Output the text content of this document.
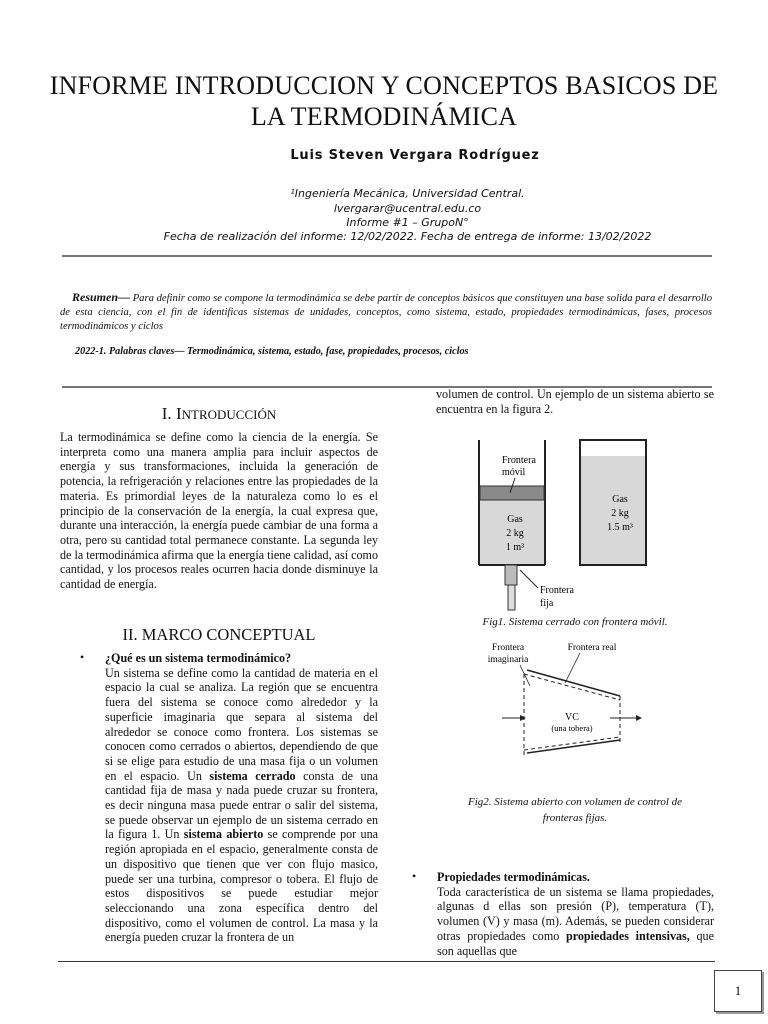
INFORME INTRODUCCION Y CONCEPTOS BASICOS DE
LA TERMODINÁMICA
Luis Steven Vergara Rodríguez
¹Ingeniería Mecánica, Universidad Central.
lvergarar@ucentral.edu.co
Informe #1 – GrupoN°
Fecha de realización del informe: 12/02/2022. Fecha de entrega de informe: 13/02/2022
Resumen— Para definir como se compone la termodinámica se debe partir de conceptos básicos que constituyen una base solida para el desarrollo de esta ciencia, con el fin de identificas sistemas de unidades, conceptos, como sistema, estado, propiedades termodinámicas, fases, procesos termodinámicos y ciclos
2022-1. Palabras claves— Termodinámica, sistema, estado, fase, propiedades, procesos, ciclos
I. INTRODUCCIÓN
La termodinámica se define como la ciencia de la energía. Se interpreta como una manera amplia para incluir aspectos de energía y sus transformaciones, incluida la generación de potencia, la refrigeración y relaciones entre las propiedades de la materia. Es primordial leyes de la naturaleza como lo es el principio de la conservación de la energía, la cual expresa que, durante una interacción, la energía puede cambiar de una forma a otra, pero su cantidad total permanece constante. La segunda ley de la termodinámica afirma que la energía tiene calidad, así como cantidad, y los procesos reales ocurren hacia donde disminuye la cantidad de energía.
II. MARCO CONCEPTUAL
• ¿Qué es un sistema termodinámico?
Un sistema se define como la cantidad de materia en el espacio la cual se analiza. La región que se encuentra fuera del sistema se conoce como alrededor y la superficie imaginaria que separa al sistema del alrededor se conoce como frontera. Los sistemas se conocen como cerrados o abiertos, dependiendo de que si se elige para estudio de una masa fija o un volumen en el espacio. Un sistema cerrado consta de una cantidad fija de masa y nada puede cruzar su frontera, es decir ninguna masa puede entrar o salir del sistema, se puede observar un ejemplo de un sistema cerrado en la figura 1. Un sistema abierto se comprende por una región apropiada en el espacio, generalmente consta de un dispositivo que tienen que ver con flujo masico, puede ser una turbina, compresor o tobera. El flujo de estos dispositivos se puede estudiar mejor seleccionando una zona específica dentro del dispositivo, como el volumen de control. La masa y la energía pueden cruzar la frontera de un
volumen de control. Un ejemplo de un sistema abierto se encuentra en la figura 2.
Frontera
móvil
Gas
2 kg
1 m³
Gas
2 kg
1.5 m³
Frontera
fija
Fig1. Sistema cerrado con frontera móvil.
Frontera
imaginaria
Frontera real
VC
(una tobera)
Fig2. Sistema abierto con volumen de control de
fronteras fijas.
• Propiedades termodinámicas.
Toda característica de un sistema se llama propiedades, algunas d ellas son presión (P), temperatura (T), volumen (V) y masa (m). Además, se pueden considerar otras propiedades como propiedades intensivas, que son aquellas que
1
